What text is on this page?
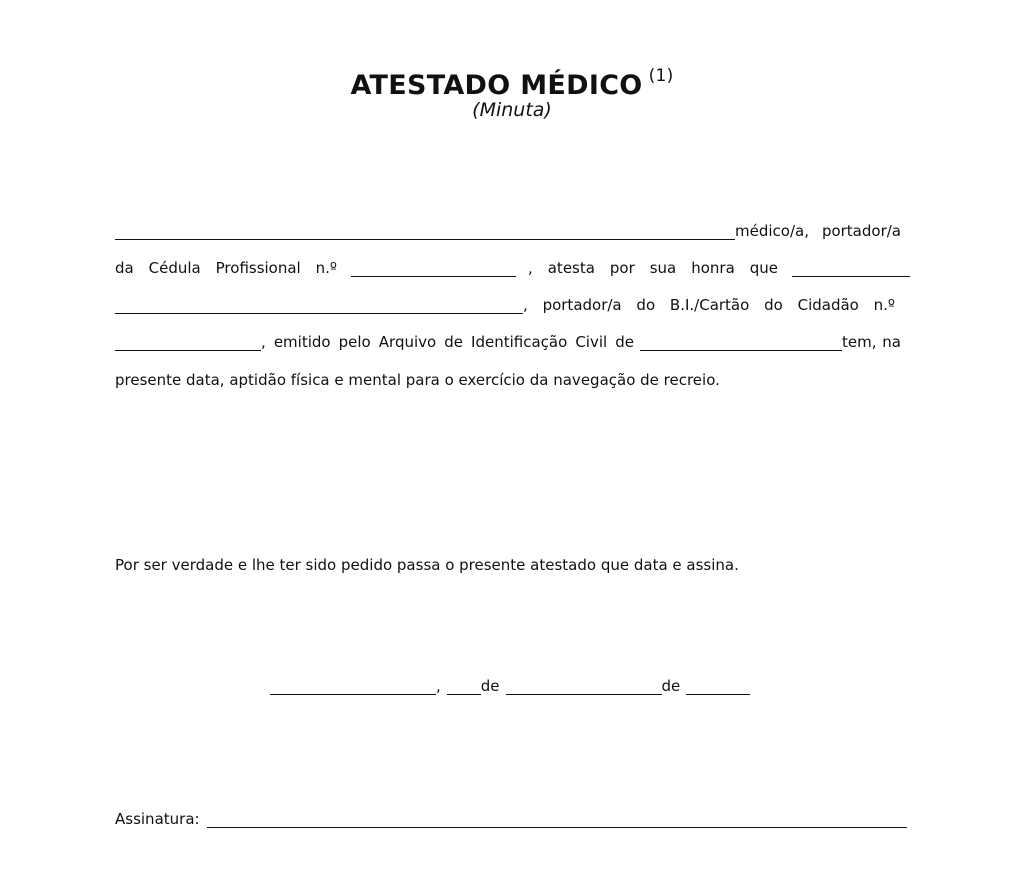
ATESTADO MÉDICO $^{(1)}$
(Minuta)
médico/a, portador/a
da Cédula Profissional n.º	, atesta por sua honra que
, portador/a do B.I./Cartão do Cidadão n.º
, emitido pelo Arquivo de Identificação Civil de	tem, na
presente data, aptidão física e mental para o exercício da navegação de recreio.
Por ser verdade e lhe ter sido pedido passa o presente atestado que data e assina.
,	de	de
Assinatura:
